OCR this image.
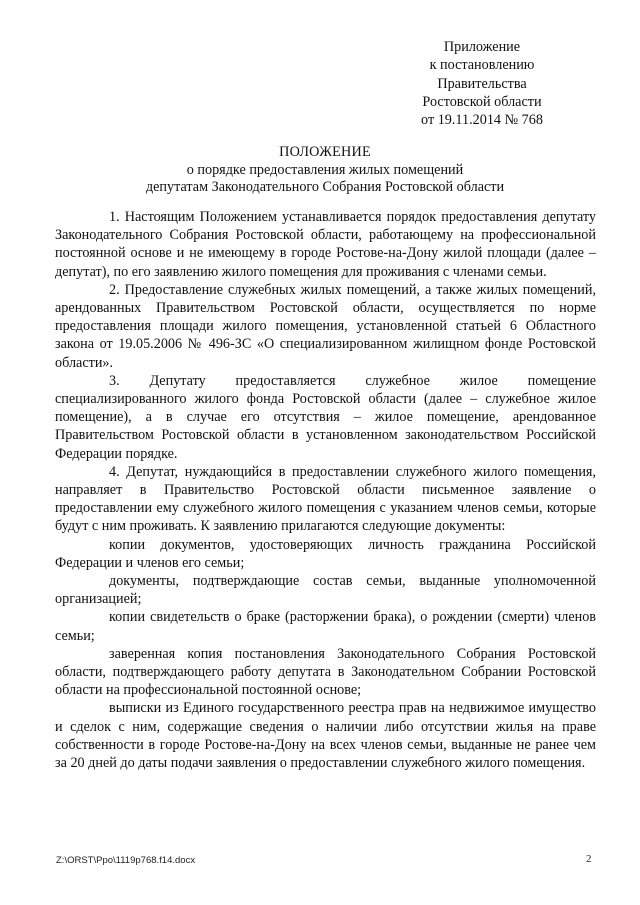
Приложение
к постановлению
Правительства
Ростовской области
от 19.11.2014 № 768
ПОЛОЖЕНИЕ
о порядке предоставления жилых помещений
депутатам Законодательного Собрания Ростовской области

1. Настоящим Положением устанавливается порядок предоставления депутату Законодательного Собрания Ростовской области, работающему на профессиональной постоянной основе и не имеющему в городе Ростове-на-Дону жилой площади (далее – депутат), по его заявлению жилого помещения для проживания с членами семьи.

2. Предоставление служебных жилых помещений, а также жилых помещений, арендованных Правительством Ростовской области, осуществляется по норме предоставления площади жилого помещения, установленной статьей 6 Областного закона от 19.05.2006 № 496-ЗС «О специализированном жилищном фонде Ростовской области».

3. Депутату предоставляется служебное жилое помещение специализированного жилого фонда Ростовской области (далее – служебное жилое помещение), а в случае его отсутствия – жилое помещение, арендованное Правительством Ростовской области в установленном законодательством Российской Федерации порядке.

4. Депутат, нуждающийся в предоставлении служебного жилого помещения, направляет в Правительство Ростовской области письменное заявление о предоставлении ему служебного жилого помещения с указанием членов семьи, которые будут с ним проживать. К заявлению прилагаются следующие документы:

копии документов, удостоверяющих личность гражданина Российской Федерации и членов его семьи;

документы, подтверждающие состав семьи, выданные уполномоченной организацией;

копии свидетельств о браке (расторжении брака), о рождении (смерти) членов семьи;

заверенная копия постановления Законодательного Собрания Ростовской области, подтверждающего работу депутата в Законодательном Собрании Ростовской области на профессиональной постоянной основе;

выписки из Единого государственного реестра прав на недвижимое имущество и сделок с ним, содержащие сведения о наличии либо отсутствии жилья на праве собственности в городе Ростове-на-Дону на всех членов семьи, выданные не ранее чем за 20 дней до даты подачи заявления о предоставлении служебного жилого помещения.

Z:\ORST\Ppo\1119p768.f14.docx	2
